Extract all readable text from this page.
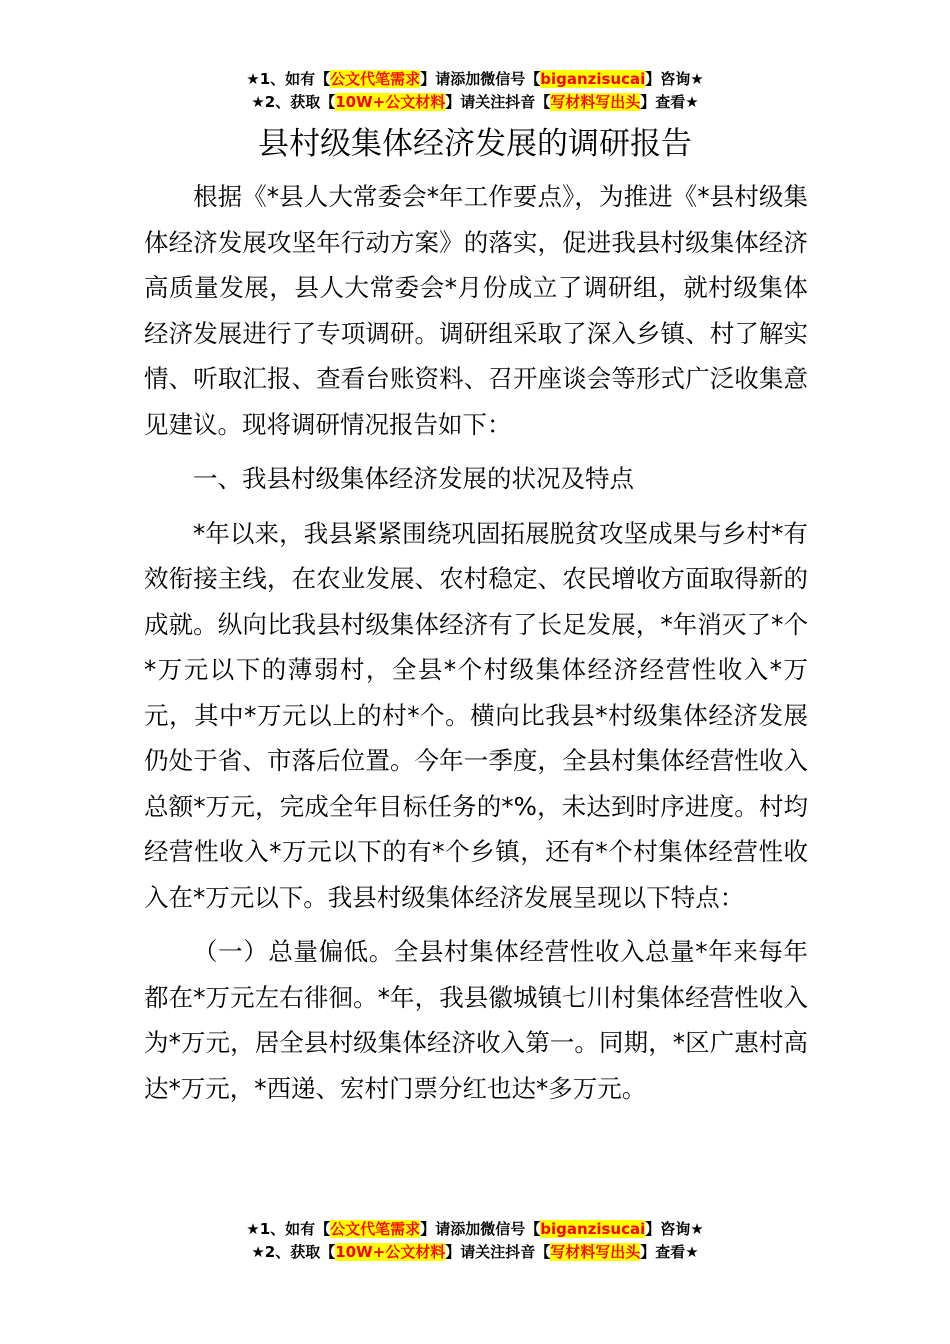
★1、如有【公文代笔需求】请添加微信号【biganzisucai】咨询★
★2、获取【10W+公文材料】请关注抖音【写材料写出头】查看★
县村级集体经济发展的调研报告

根据《*县人大常委会*年工作要点》，为推进《*县村级集体经济发展攻坚年行动方案》的落实，促进我县村级集体经济高质量发展，县人大常委会*月份成立了调研组，就村级集体经济发展进行了专项调研。调研组采取了深入乡镇、村了解实情、听取汇报、查看台账资料、召开座谈会等形式广泛收集意见建议。现将调研情况报告如下：

一、我县村级集体经济发展的状况及特点

*年以来，我县紧紧围绕巩固拓展脱贫攻坚成果与乡村*有效衔接主线，在农业发展、农村稳定、农民增收方面取得新的成就。纵向比我县村级集体经济有了长足发展，*年消灭了*个*万元以下的薄弱村，全县*个村级集体经济经营性收入*万元，其中*万元以上的村*个。横向比我县*村级集体经济发展仍处于省、市落后位置。今年一季度，全县村集体经营性收入总额*万元，完成全年目标任务的*%，未达到时序进度。村均经营性收入*万元以下的有*个乡镇，还有*个村集体经营性收入在*万元以下。我县村级集体经济发展呈现以下特点：

（一）总量偏低。全县村集体经营性收入总量*年来每年都在*万元左右徘徊。*年，我县徽城镇七川村集体经营性收入为*万元，居全县村级集体经济收入第一。同期，*区广惠村高达*万元，*西递、宏村门票分红也达*多万元。

★1、如有【公文代笔需求】请添加微信号【biganzisucai】咨询★
★2、获取【10W+公文材料】请关注抖音【写材料写出头】查看★
